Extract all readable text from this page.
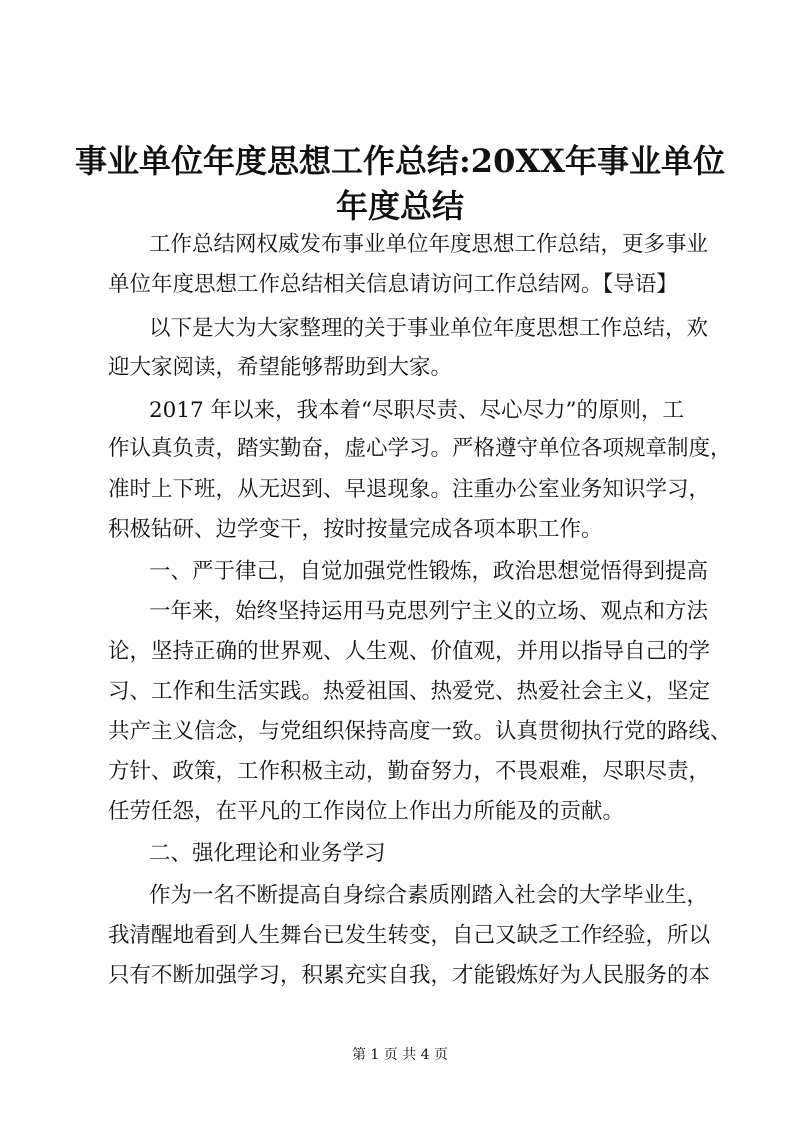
事业单位年度思想工作总结:20XX年事业单位
年度总结
工作总结网权威发布事业单位年度思想工作总结，更多事业
单位年度思想工作总结相关信息请访问工作总结网。【导语】
以下是大为大家整理的关于事业单位年度思想工作总结，欢
迎大家阅读，希望能够帮助到大家。
2017 年以来，我本着“尽职尽责、尽心尽力”的原则，工
作认真负责，踏实勤奋，虚心学习。严格遵守单位各项规章制度，
准时上下班，从无迟到、早退现象。注重办公室业务知识学习，
积极钻研、边学变干，按时按量完成各项本职工作。
一、严于律己，自觉加强党性锻炼，政治思想觉悟得到提高
一年来，始终坚持运用马克思列宁主义的立场、观点和方法
论，坚持正确的世界观、人生观、价值观，并用以指导自己的学
习、工作和生活实践。热爱祖国、热爱党、热爱社会主义，坚定
共产主义信念，与党组织保持高度一致。认真贯彻执行党的路线、
方针、政策，工作积极主动，勤奋努力，不畏艰难，尽职尽责，
任劳任怨，在平凡的工作岗位上作出力所能及的贡献。
二、强化理论和业务学习
作为一名不断提高自身综合素质刚踏入社会的大学毕业生，
我清醒地看到人生舞台已发生转变，自己又缺乏工作经验，所以
只有不断加强学习，积累充实自我，才能锻炼好为人民服务的本
第 1 页 共 4 页
